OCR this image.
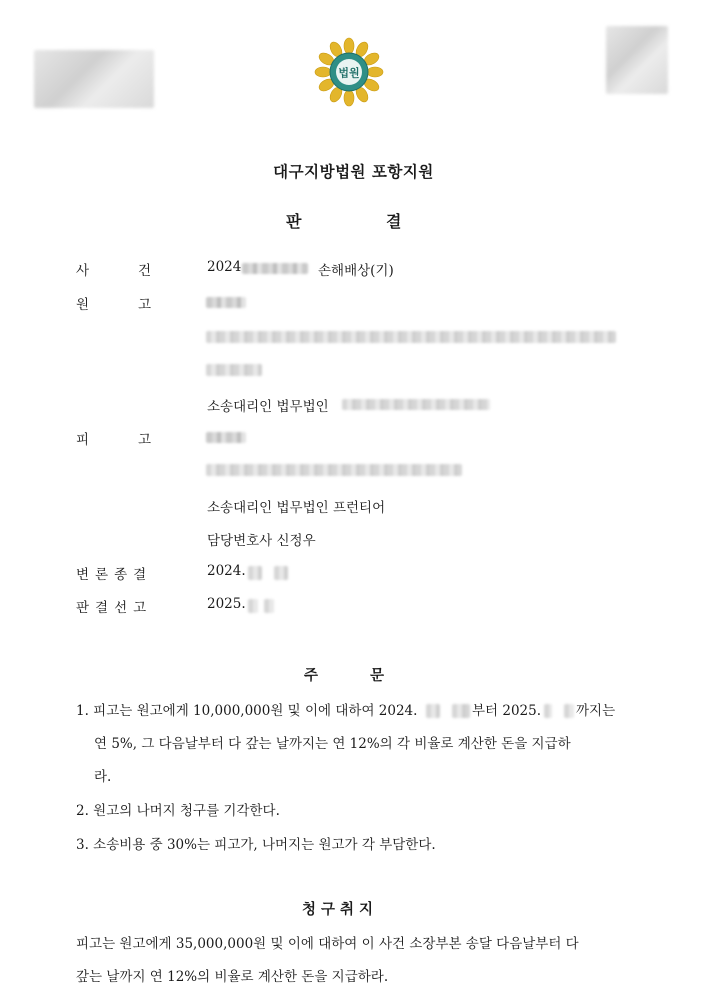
법원
대구지방법원 포항지원
판	결
사	건	2024	손해배상(기)
원	고
소송대리인 법무법인
피	고
소송대리인 법무법인 프런티어
담당변호사 신정우
변론종결	2024.
판결선고	2025.
주	문
1. 피고는 원고에게 10,000,000원 및 이에 대하여 2024.	부터 2025.	까지는
연 5%, 그 다음날부터 다 갚는 날까지는 연 12%의 각 비율로 계산한 돈을 지급하
라.
2. 원고의 나머지 청구를 기각한다.
3. 소송비용 중 30%는 피고가, 나머지는 원고가 각 부담한다.
청구취지
피고는 원고에게 35,000,000원 및 이에 대하여 이 사건 소장부본 송달 다음날부터 다
갚는 날까지 연 12%의 비율로 계산한 돈을 지급하라.
